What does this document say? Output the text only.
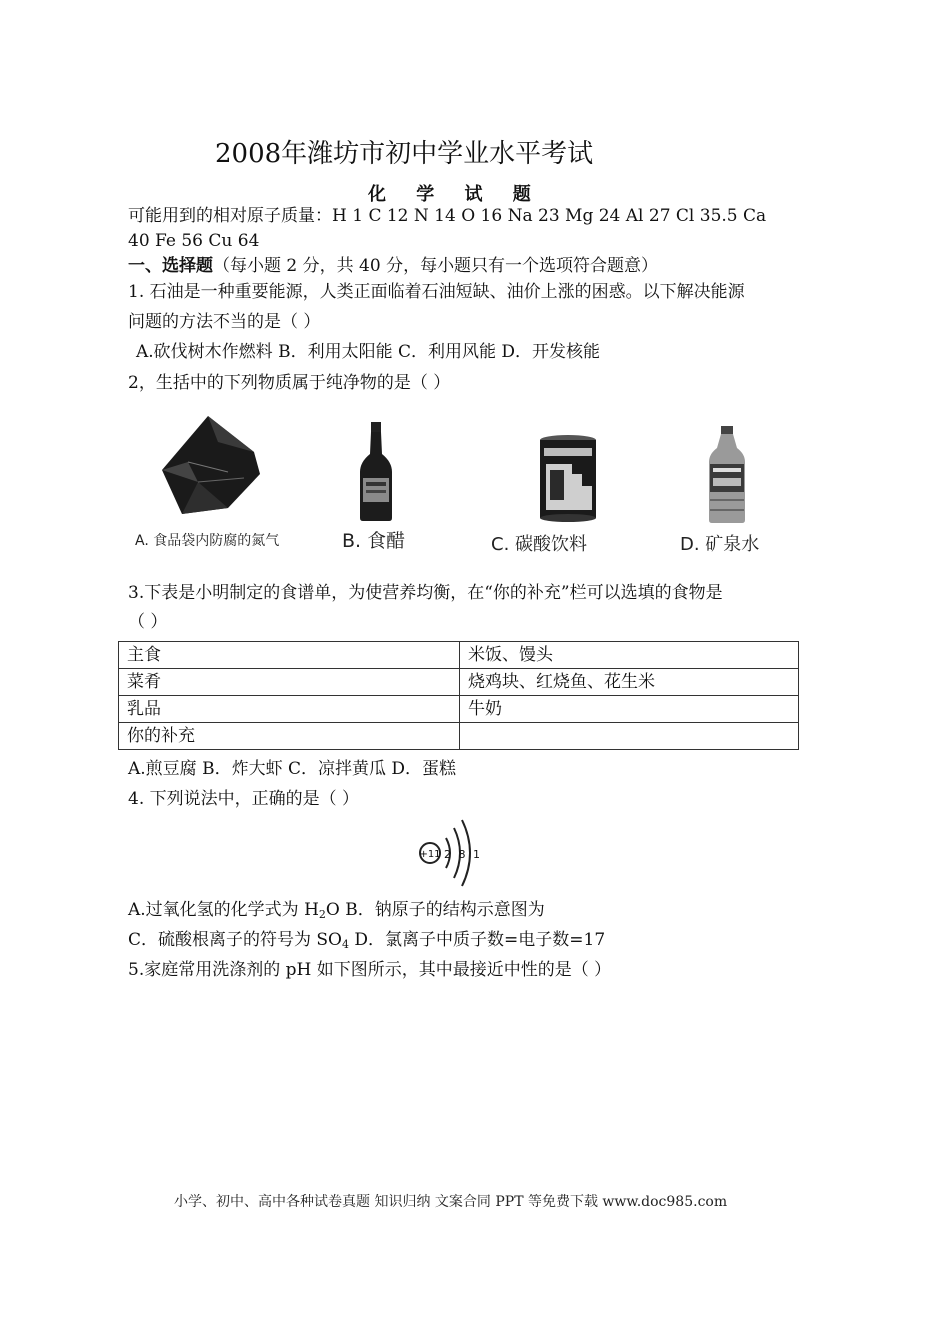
2008年潍坊市初中学业水平考试
化 学 试 题
可能用到的相对原子质量：H 1 C 12 N 14 O 16 Na 23 Mg 24 Al 27 Cl 35.5 Ca
40 Fe 56 Cu 64
一、选择题（每小题 2 分，共 40 分，每小题只有一个选项符合题意）
1. 石油是一种重要能源，人类正面临着石油短缺、油价上涨的困惑。以下解决能源
问题的方法不当的是（ ）
A.砍伐树木作燃料 B．利用太阳能 C．利用风能 D．开发核能
2，生括中的下列物质属于纯净物的是（ ）
A. 食品袋内防腐的氮气	B. 食醋	C. 碳酸饮料	D. 矿泉水
3.下表是小明制定的食谱单，为使营养均衡，在“你的补充”栏可以选填的食物是
（ ）
主食	米饭、馒头
菜肴	烧鸡块、红烧鱼、花生米
乳品	牛奶
你的补充	
A.煎豆腐 B．炸大虾 C．凉拌黄瓜 D．蛋糕
4. 下列说法中，正确的是（ ）
+11 2 8 1
A.过氧化氢的化学式为 $H_2O$ B．钠原子的结构示意图为
C．硫酸根离子的符号为 $SO_4$ D．氯离子中质子数=电子数=17
5.家庭常用洗涤剂的 pH 如下图所示，其中最接近中性的是（ ）
小学、初中、高中各种试卷真题 知识归纳 文案合同 PPT 等免费下载 www.doc985.com
